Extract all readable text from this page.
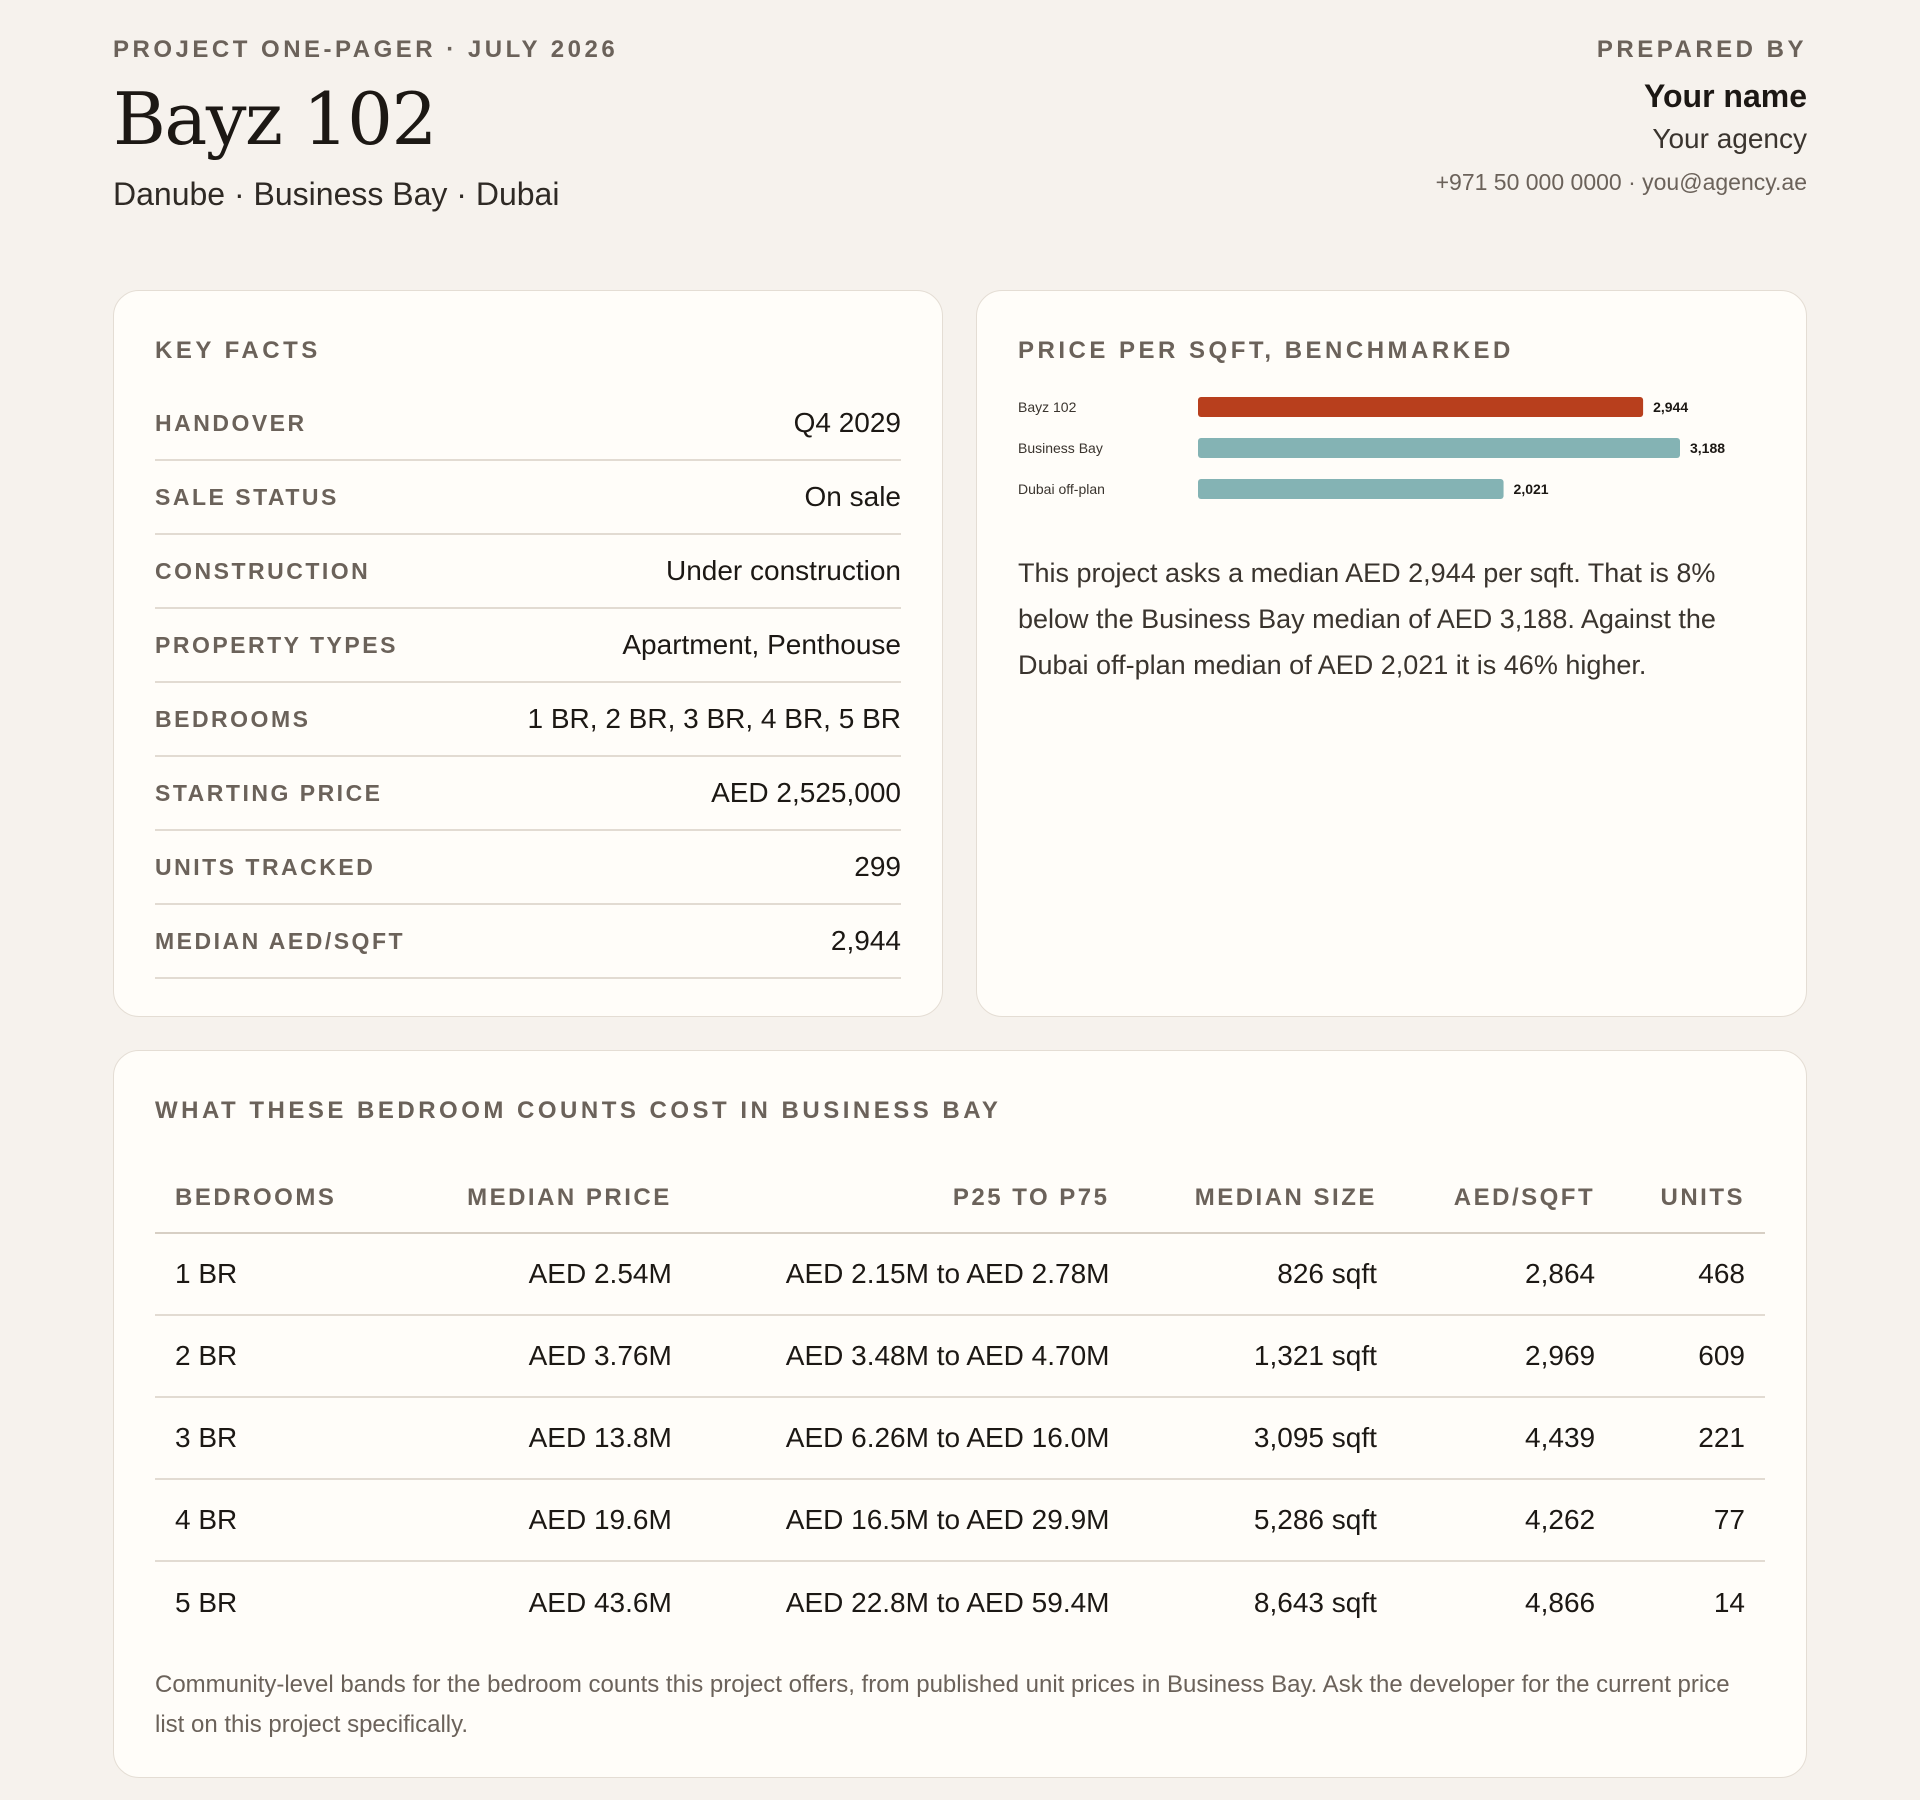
PROJECT ONE-PAGER · JULY 2026
Bayz 102
Danube · Business Bay · Dubai
PREPARED BY
Your name
Your agency
+971 50 000 0000 · you@agency.ae
KEY FACTS
HANDOVER	Q4 2029
SALE STATUS	On sale
CONSTRUCTION	Under construction
PROPERTY TYPES	Apartment, Penthouse
BEDROOMS	1 BR, 2 BR, 3 BR, 4 BR, 5 BR
STARTING PRICE	AED 2,525,000
UNITS TRACKED	299
MEDIAN AED/SQFT	2,944
PRICE PER SQFT, BENCHMARKED
Bayz 102	2,944
Business Bay	3,188
Dubai off-plan	2,021
This project asks a median AED 2,944 per sqft. That is 8% below the Business Bay median of AED 3,188. Against the Dubai off-plan median of AED 2,021 it is 46% higher.
WHAT THESE BEDROOM COUNTS COST IN BUSINESS BAY
BEDROOMS	MEDIAN PRICE	P25 TO P75	MEDIAN SIZE	AED/SQFT	UNITS
1 BR	AED 2.54M	AED 2.15M to AED 2.78M	826 sqft	2,864	468
2 BR	AED 3.76M	AED 3.48M to AED 4.70M	1,321 sqft	2,969	609
3 BR	AED 13.8M	AED 6.26M to AED 16.0M	3,095 sqft	4,439	221
4 BR	AED 19.6M	AED 16.5M to AED 29.9M	5,286 sqft	4,262	77
5 BR	AED 43.6M	AED 22.8M to AED 59.4M	8,643 sqft	4,866	14
Community-level bands for the bedroom counts this project offers, from published unit prices in Business Bay. Ask the developer for the current price list on this project specifically.
